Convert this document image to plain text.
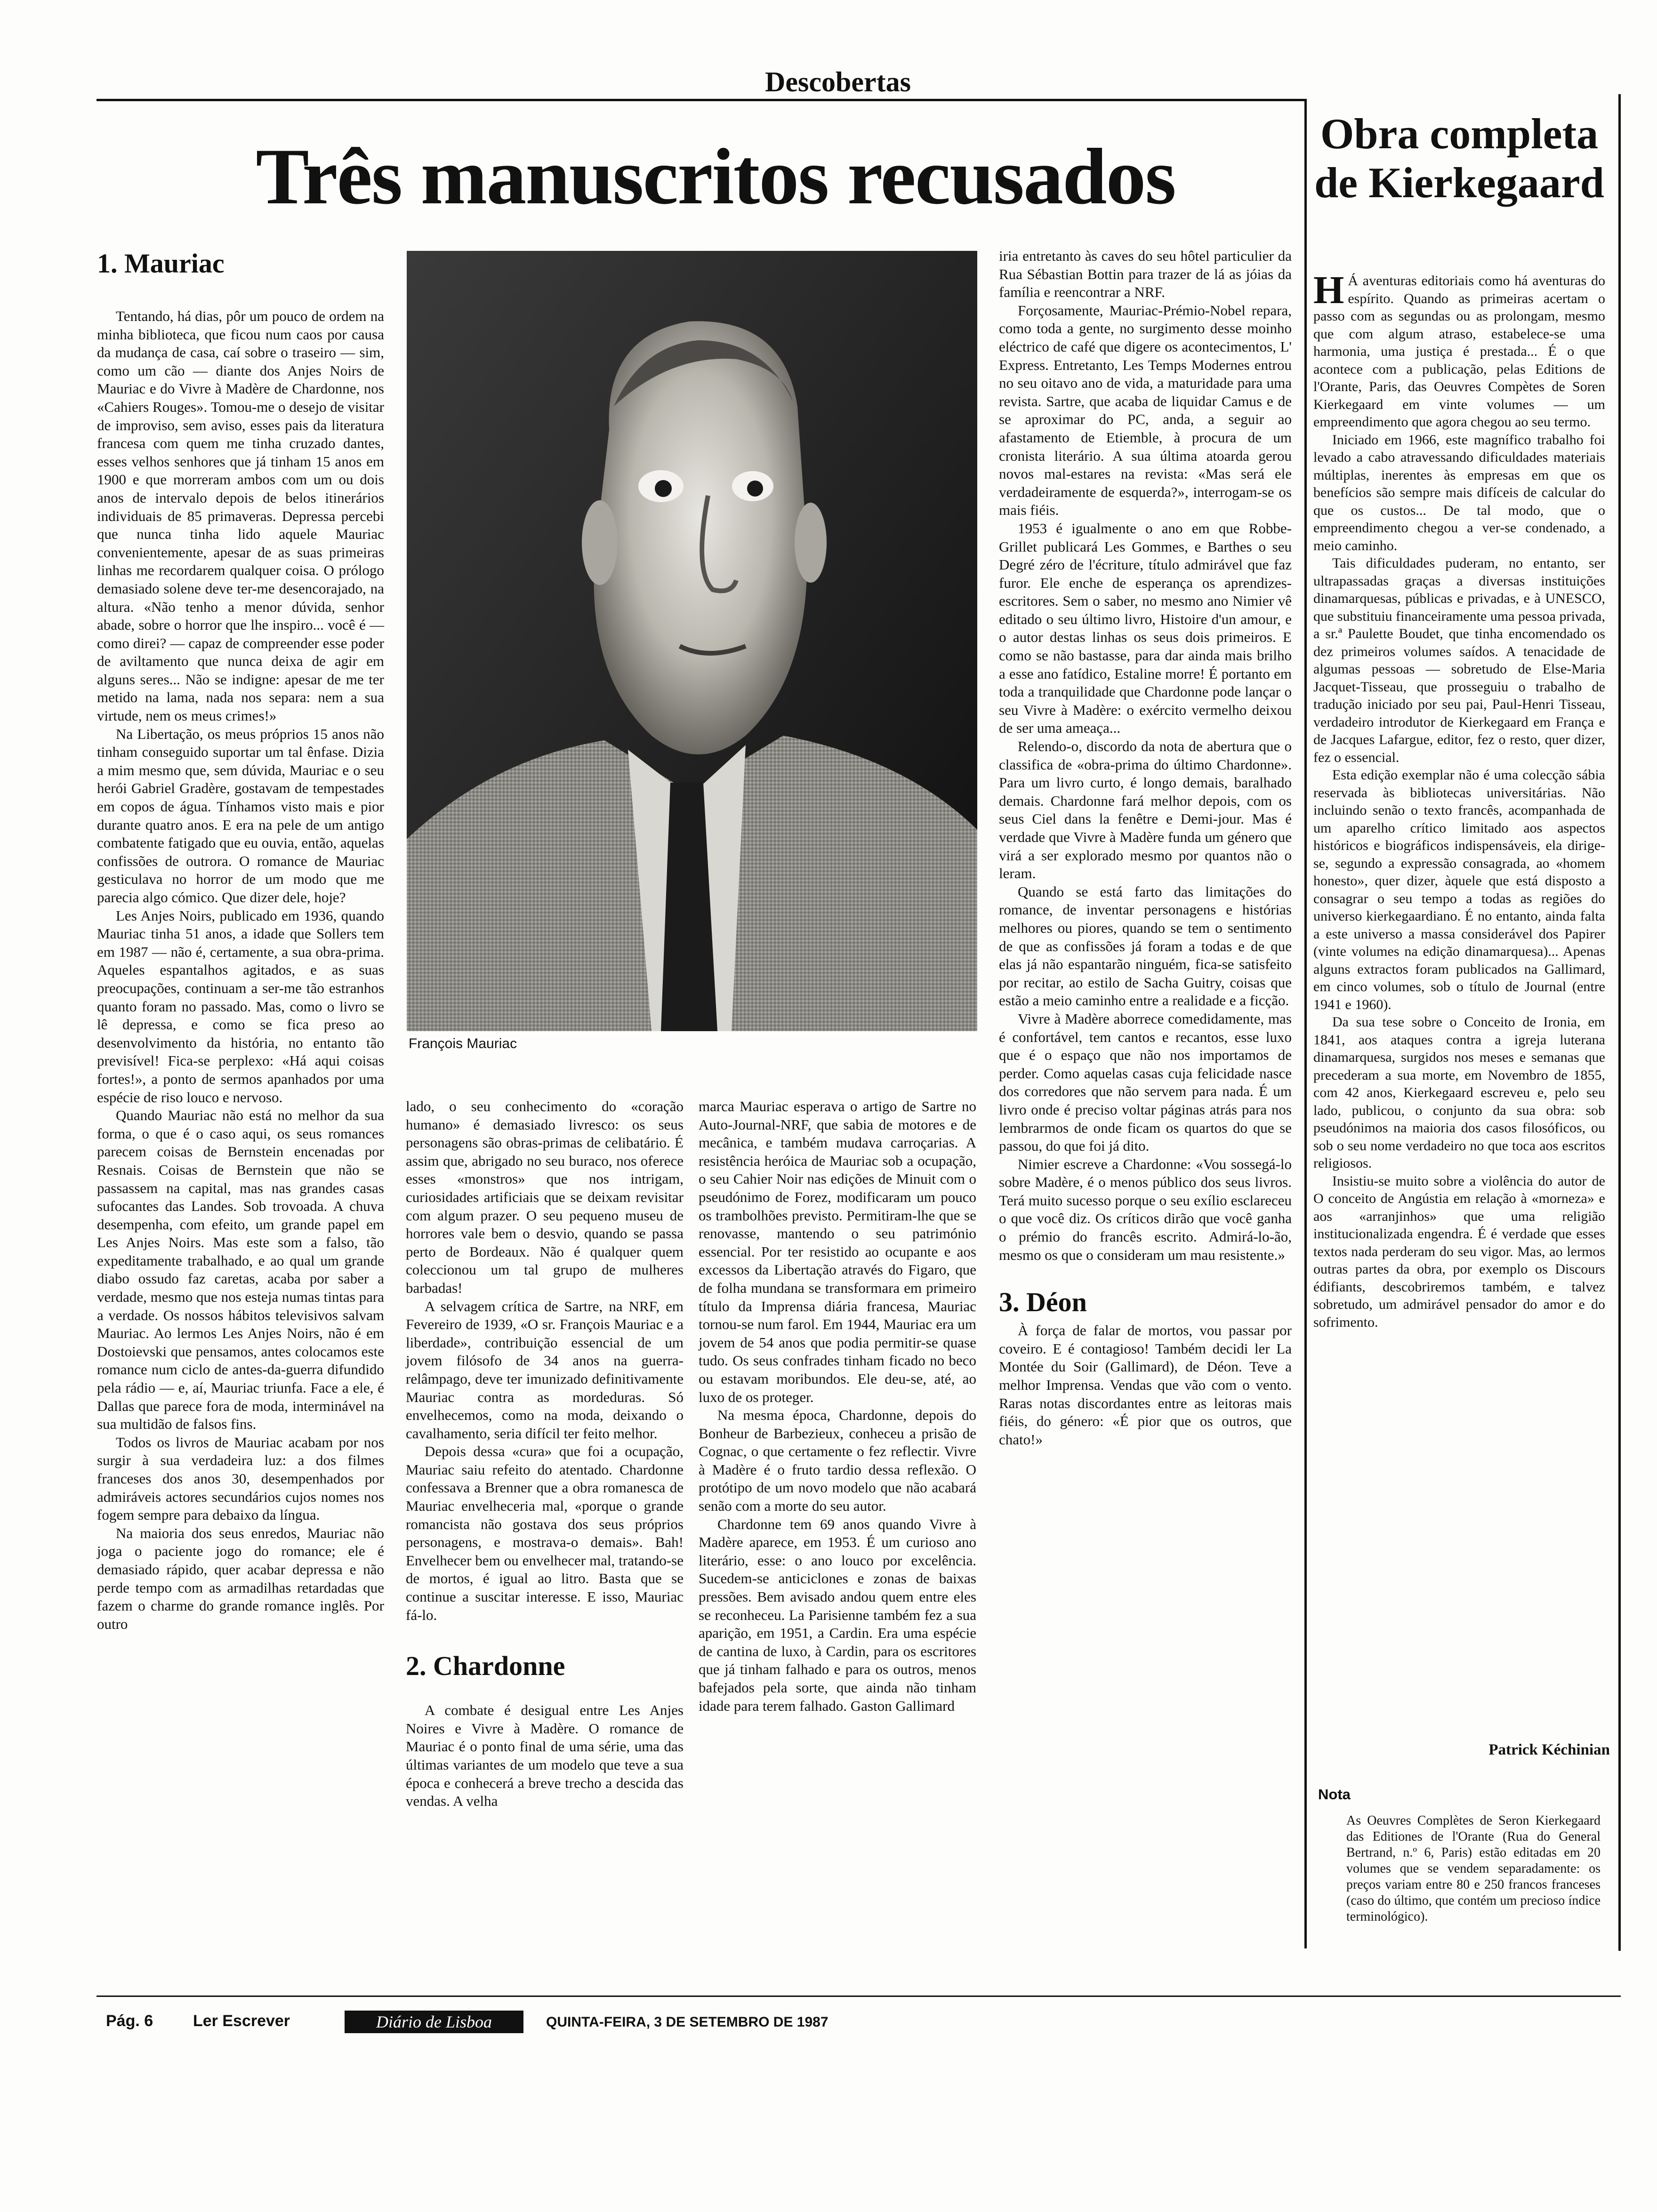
Descobertas
Três manuscritos recusados
1. Mauriac

Tentando, há dias, pôr um pouco de ordem na minha biblioteca, que ficou num caos por causa da mudança de casa, caí sobre o traseiro — sim, como um cão — diante dos Anjes Noirs de Mauriac e do Vivre à Madère de Chardonne, nos «Cahiers Rouges». Tomou-me o desejo de visitar de improviso, sem aviso, esses pais da literatura francesa com quem me tinha cruzado dantes, esses velhos senhores que já tinham 15 anos em 1900 e que morreram ambos com um ou dois anos de intervalo depois de belos itinerários individuais de 85 primaveras. Depressa percebi que nunca tinha lido aquele Mauriac convenientemente, apesar de as suas primeiras linhas me recordarem qualquer coisa. O prólogo demasiado solene deve ter-me desencorajado, na altura. «Não tenho a menor dúvida, senhor abade, sobre o horror que lhe inspiro... você é — como direi? — capaz de compreender esse poder de aviltamento que nunca deixa de agir em alguns seres... Não se indigne: apesar de me ter metido na lama, nada nos separa: nem a sua virtude, nem os meus crimes!»

Na Libertação, os meus próprios 15 anos não tinham conseguido suportar um tal ênfase. Dizia a mim mesmo que, sem dúvida, Mauriac e o seu herói Gabriel Gradère, gostavam de tempestades em copos de água. Tínhamos visto mais e pior durante quatro anos. E era na pele de um antigo combatente fatigado que eu ouvia, então, aquelas confissões de outrora. O romance de Mauriac gesticulava no horror de um modo que me parecia algo cómico. Que dizer dele, hoje?

Les Anjes Noirs, publicado em 1936, quando Mauriac tinha 51 anos, a idade que Sollers tem em 1987 — não é, certamente, a sua obra-prima. Aqueles espantalhos agitados, e as suas preocupações, continuam a ser-me tão estranhos quanto foram no passado. Mas, como o livro se lê depressa, e como se fica preso ao desenvolvimento da história, no entanto tão previsível! Fica-se perplexo: «Há aqui coisas fortes!», a ponto de sermos apanhados por uma espécie de riso louco e nervoso.

Quando Mauriac não está no melhor da sua forma, o que é o caso aqui, os seus romances parecem coisas de Bernstein encenadas por Resnais. Coisas de Bernstein que não se passassem na capital, mas nas grandes casas sufocantes das Landes. Sob trovoada. A chuva desempenha, com efeito, um grande papel em Les Anjes Noirs. Mas este som a falso, tão expeditamente trabalhado, e ao qual um grande diabo ossudo faz caretas, acaba por saber a verdade, mesmo que nos esteja numas tintas para a verdade. Os nossos hábitos televisivos salvam Mauriac. Ao lermos Les Anjes Noirs, não é em Dostoievski que pensamos, antes colocamos este romance num ciclo de antes-da-guerra difundido pela rádio — e, aí, Mauriac triunfa. Face a ele, é Dallas que parece fora de moda, interminável na sua multidão de falsos fins.

Todos os livros de Mauriac acabam por nos surgir à sua verdadeira luz: a dos filmes franceses dos anos 30, desempenhados por admiráveis actores secundários cujos nomes nos fogem sempre para debaixo da língua.

Na maioria dos seus enredos, Mauriac não joga o paciente jogo do romance; ele é demasiado rápido, quer acabar depressa e não perde tempo com as armadilhas retardadas que fazem o charme do grande romance inglês. Por outro

François Mauriac

lado, o seu conhecimento do «coração humano» é demasiado livresco: os seus personagens são obras-primas de celibatário. É assim que, abrigado no seu buraco, nos oferece esses «monstros» que nos intrigam, curiosidades artificiais que se deixam revisitar com algum prazer. O seu pequeno museu de horrores vale bem o desvio, quando se passa perto de Bordeaux. Não é qualquer quem coleccionou um tal grupo de mulheres barbadas!

A selvagem crítica de Sartre, na NRF, em Fevereiro de 1939, «O sr. François Mauriac e a liberdade», contribuição essencial de um jovem filósofo de 34 anos na guerra-relâmpago, deve ter imunizado definitivamente Mauriac contra as mordeduras. Só envelhecemos, como na moda, deixando o cavalhamento, seria difícil ter feito melhor.

Depois dessa «cura» que foi a ocupação, Mauriac saiu refeito do atentado. Chardonne confessava a Brenner que a obra romanesca de Mauriac envelheceria mal, «porque o grande romancista não gostava dos seus próprios personagens, e mostrava-o demais». Bah! Envelhecer bem ou envelhecer mal, tratando-se de mortos, é igual ao litro. Basta que se continue a suscitar interesse. E isso, Mauriac fá-lo.

2. Chardonne

A combate é desigual entre Les Anjes Noires e Vivre à Madère. O romance de Mauriac é o ponto final de uma série, uma das últimas variantes de um modelo que teve a sua época e conhecerá a breve trecho a descida das vendas. A velha

marca Mauriac esperava o artigo de Sartre no Auto-Journal-NRF, que sabia de motores e de mecânica, e também mudava carroçarias. A resistência heróica de Mauriac sob a ocupação, o seu Cahier Noir nas edições de Minuit com o pseudónimo de Forez, modificaram um pouco os trambolhões previsto. Permitiram-lhe que se renovasse, mantendo o seu património essencial. Por ter resistido ao ocupante e aos excessos da Libertação através do Figaro, que de folha mundana se transformara em primeiro título da Imprensa diária francesa, Mauriac tornou-se num farol. Em 1944, Mauriac era um jovem de 54 anos que podia permitir-se quase tudo. Os seus confrades tinham ficado no beco ou estavam moribundos. Ele deu-se, até, ao luxo de os proteger.

Na mesma época, Chardonne, depois do Bonheur de Barbezieux, conheceu a prisão de Cognac, o que certamente o fez reflectir. Vivre à Madère é o fruto tardio dessa reflexão. O protótipo de um novo modelo que não acabará senão com a morte do seu autor.

Chardonne tem 69 anos quando Vivre à Madère aparece, em 1953. É um curioso ano literário, esse: o ano louco por excelência. Sucedem-se anticiclones e zonas de baixas pressões. Bem avisado andou quem entre eles se reconheceu. La Parisienne também fez a sua aparição, em 1951, a Cardin. Era uma espécie de cantina de luxo, à Cardin, para os escritores que já tinham falhado e para os outros, menos bafejados pela sorte, que ainda não tinham idade para terem falhado. Gaston Gallimard

iria entretanto às caves do seu hôtel particulier da Rua Sébastian Bottin para trazer de lá as jóias da família e reencontrar a NRF.

Forçosamente, Mauriac-Prémio-Nobel repara, como toda a gente, no surgimento desse moinho eléctrico de café que digere os acontecimentos, L' Express. Entretanto, Les Temps Modernes entrou no seu oitavo ano de vida, a maturidade para uma revista. Sartre, que acaba de liquidar Camus e de se aproximar do PC, anda, a seguir ao afastamento de Etiemble, à procura de um cronista literário. A sua última atoarda gerou novos mal-estares na revista: «Mas será ele verdadeiramente de esquerda?», interrogam-se os mais fiéis.

1953 é igualmente o ano em que Robbe-Grillet publicará Les Gommes, e Barthes o seu Degré zéro de l'écriture, título admirável que faz furor. Ele enche de esperança os aprendizes-escritores. Sem o saber, no mesmo ano Nimier vê editado o seu último livro, Histoire d'un amour, e o autor destas linhas os seus dois primeiros. E como se não bastasse, para dar ainda mais brilho a esse ano fatídico, Estaline morre! É portanto em toda a tranquilidade que Chardonne pode lançar o seu Vivre à Madère: o exército vermelho deixou de ser uma ameaça...

Relendo-o, discordo da nota de abertura que o classifica de «obra-prima do último Chardonne». Para um livro curto, é longo demais, baralhado demais. Chardonne fará melhor depois, com os seus Ciel dans la fenêtre e Demi-jour. Mas é verdade que Vivre à Madère funda um género que virá a ser explorado mesmo por quantos não o leram.

Quando se está farto das limitações do romance, de inventar personagens e histórias melhores ou piores, quando se tem o sentimento de que as confissões já foram a todas e de que elas já não espantarão ninguém, fica-se satisfeito por recitar, ao estilo de Sacha Guitry, coisas que estão a meio caminho entre a realidade e a ficção.

Vivre à Madère aborrece comedidamente, mas é confortável, tem cantos e recantos, esse luxo que é o espaço que não nos importamos de perder. Como aquelas casas cuja felicidade nasce dos corredores que não servem para nada. É um livro onde é preciso voltar páginas atrás para nos lembrarmos de onde ficam os quartos do que se passou, do que foi já dito.

Nimier escreve a Chardonne: «Vou sossegá-lo sobre Madère, é o menos público dos seus livros. Terá muito sucesso porque o seu exílio esclareceu o que você diz. Os críticos dirão que você ganha o prémio do francês escrito. Admirá-lo-ão, mesmo os que o consideram um mau resistente.»

3. Déon

À força de falar de mortos, vou passar por coveiro. E é contagioso! Também decidi ler La Montée du Soir (Gallimard), de Déon. Teve a melhor Imprensa. Vendas que vão com o vento. Raras notas discordantes entre as leitoras mais fiéis, do género: «É pior que os outros, que chato!»

Obra completa de Kierkegaard

H Á aventuras editoriais como há aventuras do espírito. Quando as primeiras acertam o passo com as segundas ou as prolongam, mesmo que com algum atraso, estabelece-se uma harmonia, uma justiça é prestada... É o que acontece com a publicação, pelas Editions de l'Orante, Paris, das Oeuvres Compètes de Soren Kierkegaard em vinte volumes — um empreendimento que agora chegou ao seu termo.

Iniciado em 1966, este magnífico trabalho foi levado a cabo atravessando dificuldades materiais múltiplas, inerentes às empresas em que os benefícios são sempre mais difíceis de calcular do que os custos... De tal modo, que o empreendimento chegou a ver-se condenado, a meio caminho.

Tais dificuldades puderam, no entanto, ser ultrapassadas graças a diversas instituições dinamarquesas, públicas e privadas, e à UNESCO, que substituiu financeiramente uma pessoa privada, a sr.ª Paulette Boudet, que tinha encomendado os dez primeiros volumes saídos. A tenacidade de algumas pessoas — sobretudo de Else-Maria Jacquet-Tisseau, que prosseguiu o trabalho de tradução iniciado por seu pai, Paul-Henri Tisseau, verdadeiro introdutor de Kierkegaard em França e de Jacques Lafargue, editor, fez o resto, quer dizer, fez o essencial.

Esta edição exemplar não é uma colecção sábia reservada às bibliotecas universitárias. Não incluindo senão o texto francês, acompanhada de um aparelho crítico limitado aos aspectos históricos e biográficos indispensáveis, ela dirige-se, segundo a expressão consagrada, ao «homem honesto», quer dizer, àquele que está disposto a consagrar o seu tempo a todas as regiões do universo kierkegaardiano. É no entanto, ainda falta a este universo a massa considerável dos Papirer (vinte volumes na edição dinamarquesa)... Apenas alguns extractos foram publicados na Gallimard, em cinco volumes, sob o título de Journal (entre 1941 e 1960).

Da sua tese sobre o Conceito de Ironia, em 1841, aos ataques contra a igreja luterana dinamarquesa, surgidos nos meses e semanas que precederam a sua morte, em Novembro de 1855, com 42 anos, Kierkegaard escreveu e, pelo seu lado, publicou, o conjunto da sua obra: sob pseudónimos na maioria dos casos filosóficos, ou sob o seu nome verdadeiro no que toca aos escritos religiosos.

Insistiu-se muito sobre a violência do autor de O conceito de Angústia em relação à «morneza» e aos «arranjinhos» que uma religião institucionalizada engendra. É é verdade que esses textos nada perderam do seu vigor. Mas, ao lermos outras partes da obra, por exemplo os Discours édifiants, descobriremos também, e talvez sobretudo, um admirável pensador do amor e do sofrimento.

Patrick Kéchinian
Nota
As Oeuvres Complètes de Seron Kierkegaard das Editiones de l'Orante (Rua do General Bertrand, n.º 6, Paris) estão editadas em 20 volumes que se vendem separadamente: os preços variam entre 80 e 250 francos franceses (caso do último, que contém um precioso índice terminológico).
Pág. 6 Ler Escrever	Diário de Lisboa	QUINTA-FEIRA, 3 DE SETEMBRO DE 1987
